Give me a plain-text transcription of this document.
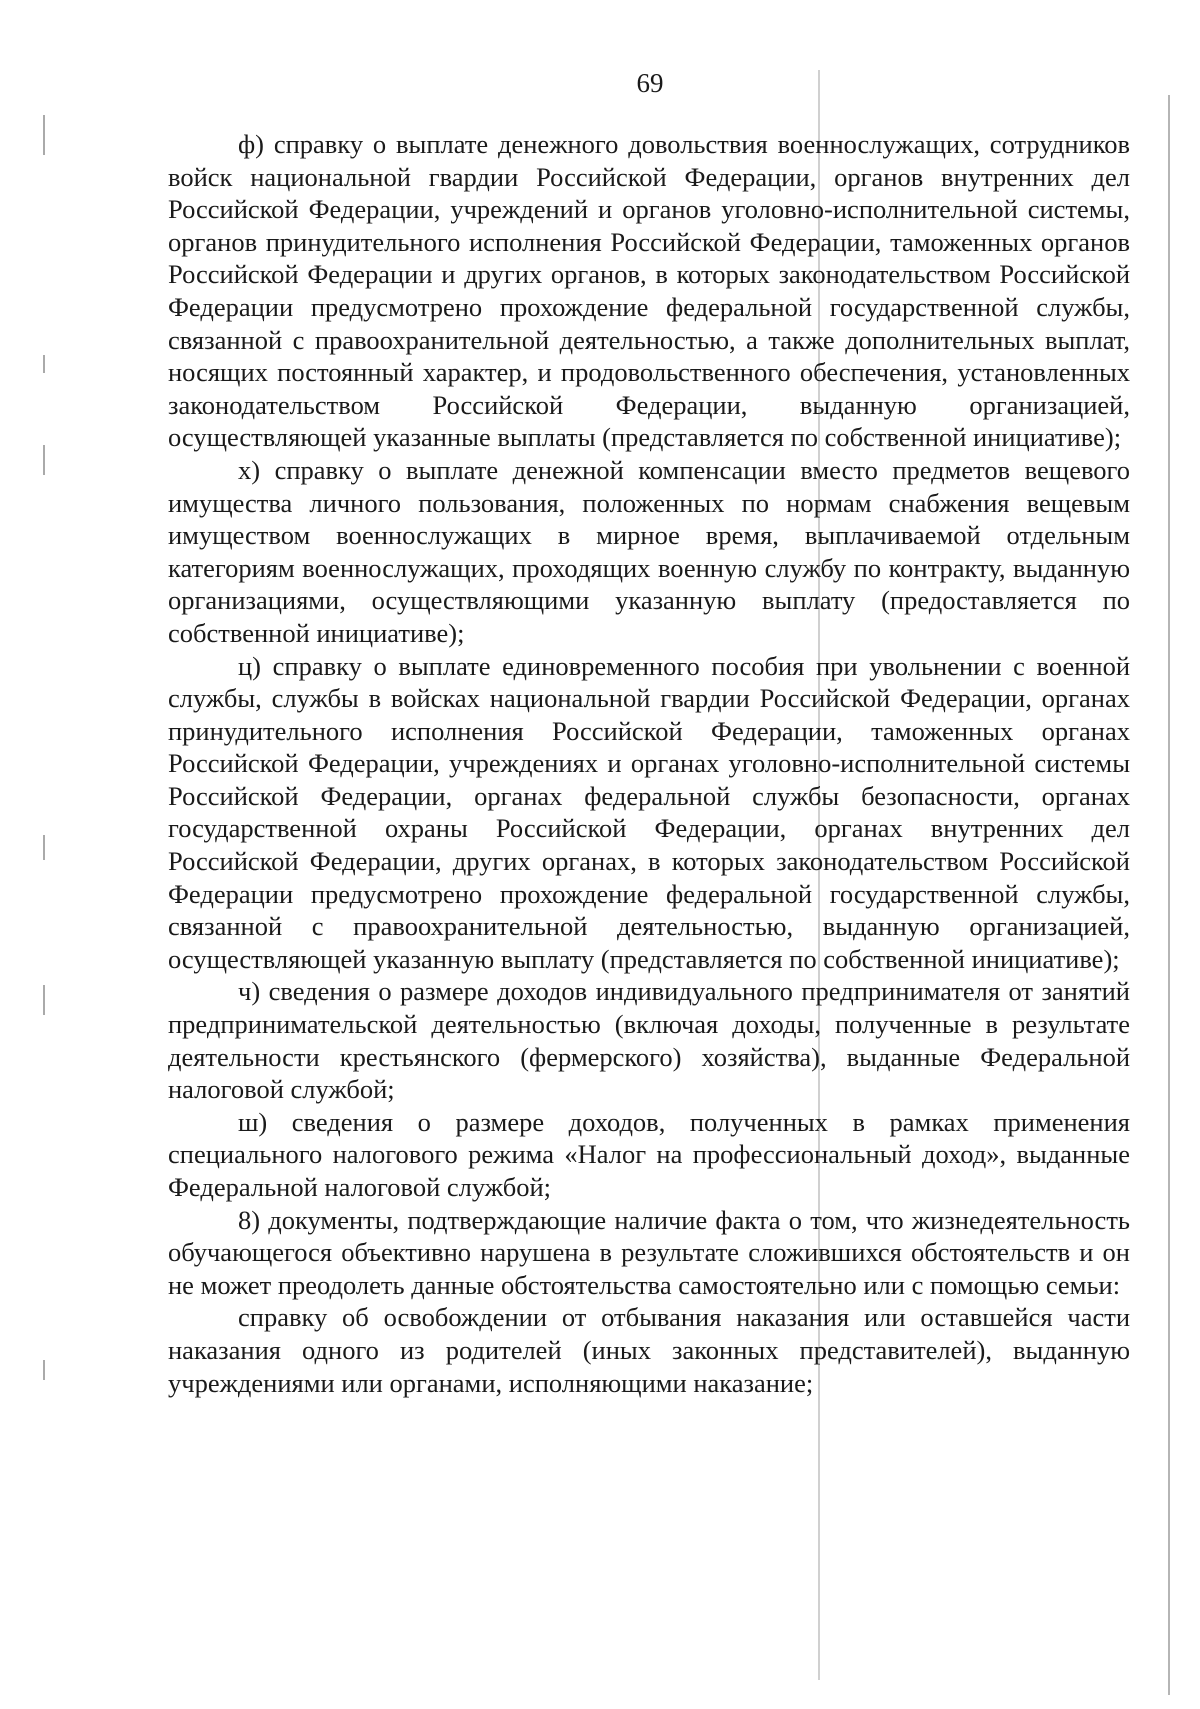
69

ф) справку о выплате денежного довольствия военнослужащих, сотрудников войск национальной гвардии Российской Федерации, органов внутренних дел Российской Федерации, учреждений и органов уголовно-исполнительной системы, органов принудительного исполнения Российской Федерации, таможенных органов Российской Федерации и других органов, в которых законодательством Российской Федерации предусмотрено прохождение федеральной государственной службы, связанной с правоохранительной деятельностью, а также дополнительных выплат, носящих постоянный характер, и продовольственного обеспечения, установленных законодательством Российской Федерации, выданную организацией, осуществляющей указанные выплаты (представляется по собственной инициативе);

х) справку о выплате денежной компенсации вместо предметов вещевого имущества личного пользования, положенных по нормам снабжения вещевым имуществом военнослужащих в мирное время, выплачиваемой отдельным категориям военнослужащих, проходящих военную службу по контракту, выданную организациями, осуществляющими указанную выплату (предоставляется по собственной инициативе);

ц) справку о выплате единовременного пособия при увольнении с военной службы, службы в войсках национальной гвардии Российской Федерации, органах принудительного исполнения Российской Федерации, таможенных органах Российской Федерации, учреждениях и органах уголовно-исполнительной системы Российской Федерации, органах федеральной службы безопасности, органах государственной охраны Российской Федерации, органах внутренних дел Российской Федерации, других органах, в которых законодательством Российской Федерации предусмотрено прохождение федеральной государственной службы, связанной с правоохранительной деятельностью, выданную организацией, осуществляющей указанную выплату (представляется по собственной инициативе);

ч) сведения о размере доходов индивидуального предпринимателя от занятий предпринимательской деятельностью (включая доходы, полученные в результате деятельности крестьянского (фермерского) хозяйства), выданные Федеральной налоговой службой;

ш) сведения о размере доходов, полученных в рамках применения специального налогового режима «Налог на профессиональный доход», выданные Федеральной налоговой службой;

8) документы, подтверждающие наличие факта о том, что жизнедеятельность обучающегося объективно нарушена в результате сложившихся обстоятельств и он не может преодолеть данные обстоятельства самостоятельно или с помощью семьи:

справку об освобождении от отбывания наказания или оставшейся части наказания одного из родителей (иных законных представителей), выданную учреждениями или органами, исполняющими наказание;
